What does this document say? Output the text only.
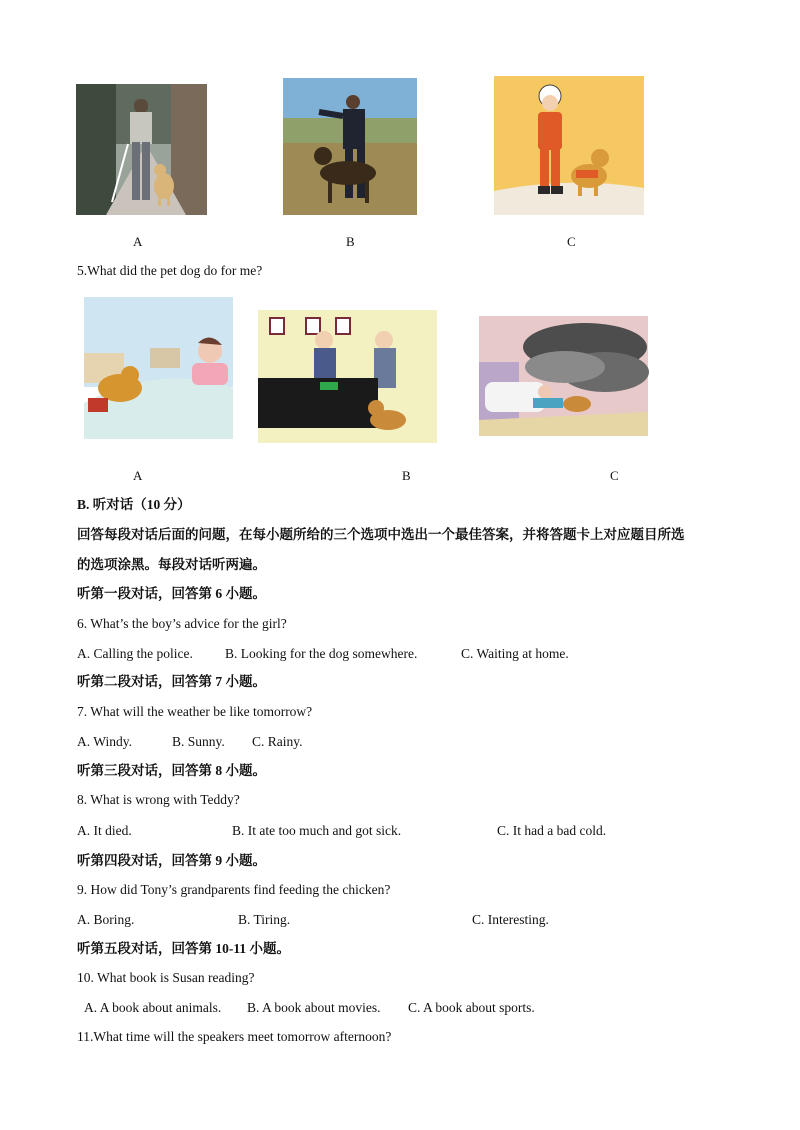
A	B	C
5.What did the pet dog do for me?
A	B	C
B. 听对话（10 分）
回答每段对话后面的问题，在每小题所给的三个选项中选出一个最佳答案，并将答题卡上对应题目所选
的选项涂黑。每段对话听两遍。
听第一段对话，回答第 6 小题。
6. What’s the boy’s advice for the girl?
A. Calling the police. B. Looking for the dog somewhere.	C. Waiting at home.
听第二段对话，回答第 7 小题。
7. What will the weather be like tomorrow?
A. Windy.	B. Sunny. C. Rainy.
听第三段对话，回答第 8 小题。
8. What is wrong with Teddy?
A. It died.	B. It ate too much and got sick.	C. It had a bad cold.
听第四段对话，回答第 9 小题。
9. How did Tony’s grandparents find feeding the chicken?
A. Boring.	B. Tiring.	C. Interesting.
听第五段对话，回答第 10-11 小题。
10. What book is Susan reading?
A. A book about animals. B. A book about movies. C. A book about sports.
11.What time will the speakers meet tomorrow afternoon?
